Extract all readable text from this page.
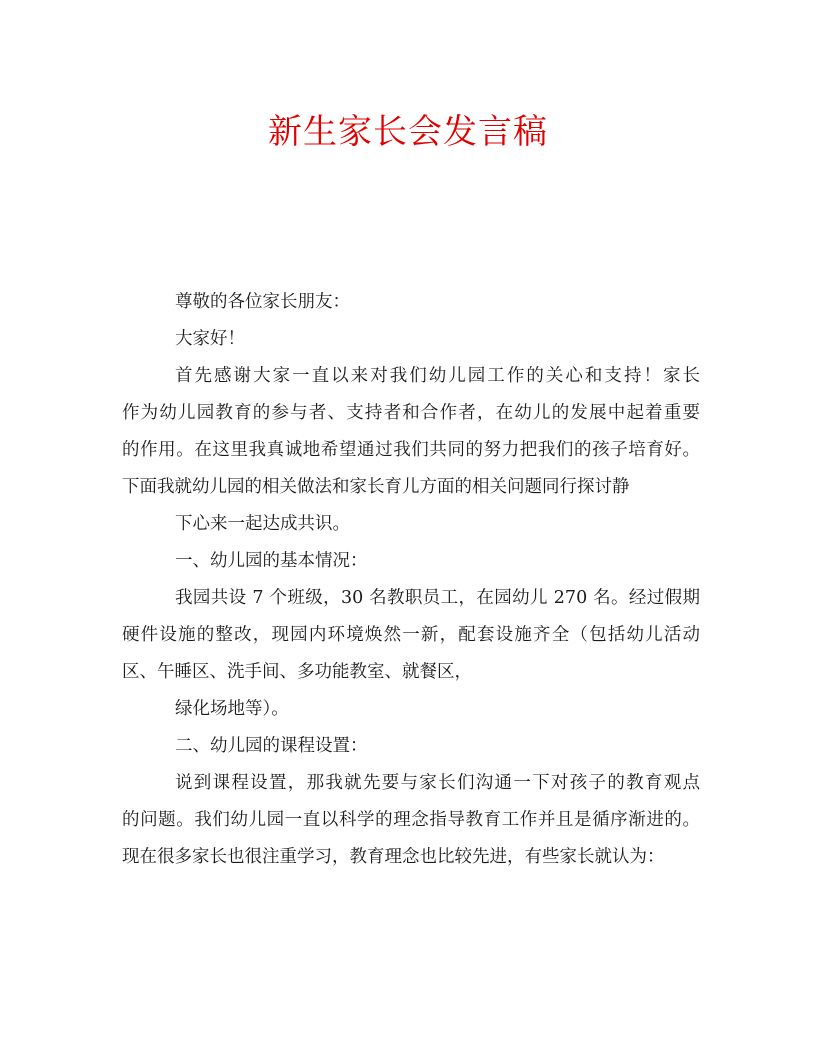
新生家长会发言稿
尊敬的各位家长朋友：
大家好！
首先感谢大家一直以来对我们幼儿园工作的关心和支持！家长
作为幼儿园教育的参与者、支持者和合作者，在幼儿的发展中起着重要
的作用。在这里我真诚地希望通过我们共同的努力把我们的孩子培育好。
下面我就幼儿园的相关做法和家长育儿方面的相关问题同行探讨静
下心来一起达成共识。
一、幼儿园的基本情况：
我园共设 7 个班级，30 名教职员工，在园幼儿 270 名。经过假期
硬件设施的整改，现园内环境焕然一新，配套设施齐全（包括幼儿活动
区、午睡区、洗手间、多功能教室、就餐区，
绿化场地等）。
二、幼儿园的课程设置：
说到课程设置，那我就先要与家长们沟通一下对孩子的教育观点
的问题。我们幼儿园一直以科学的理念指导教育工作并且是循序渐进的。
现在很多家长也很注重学习，教育理念也比较先进，有些家长就认为：
